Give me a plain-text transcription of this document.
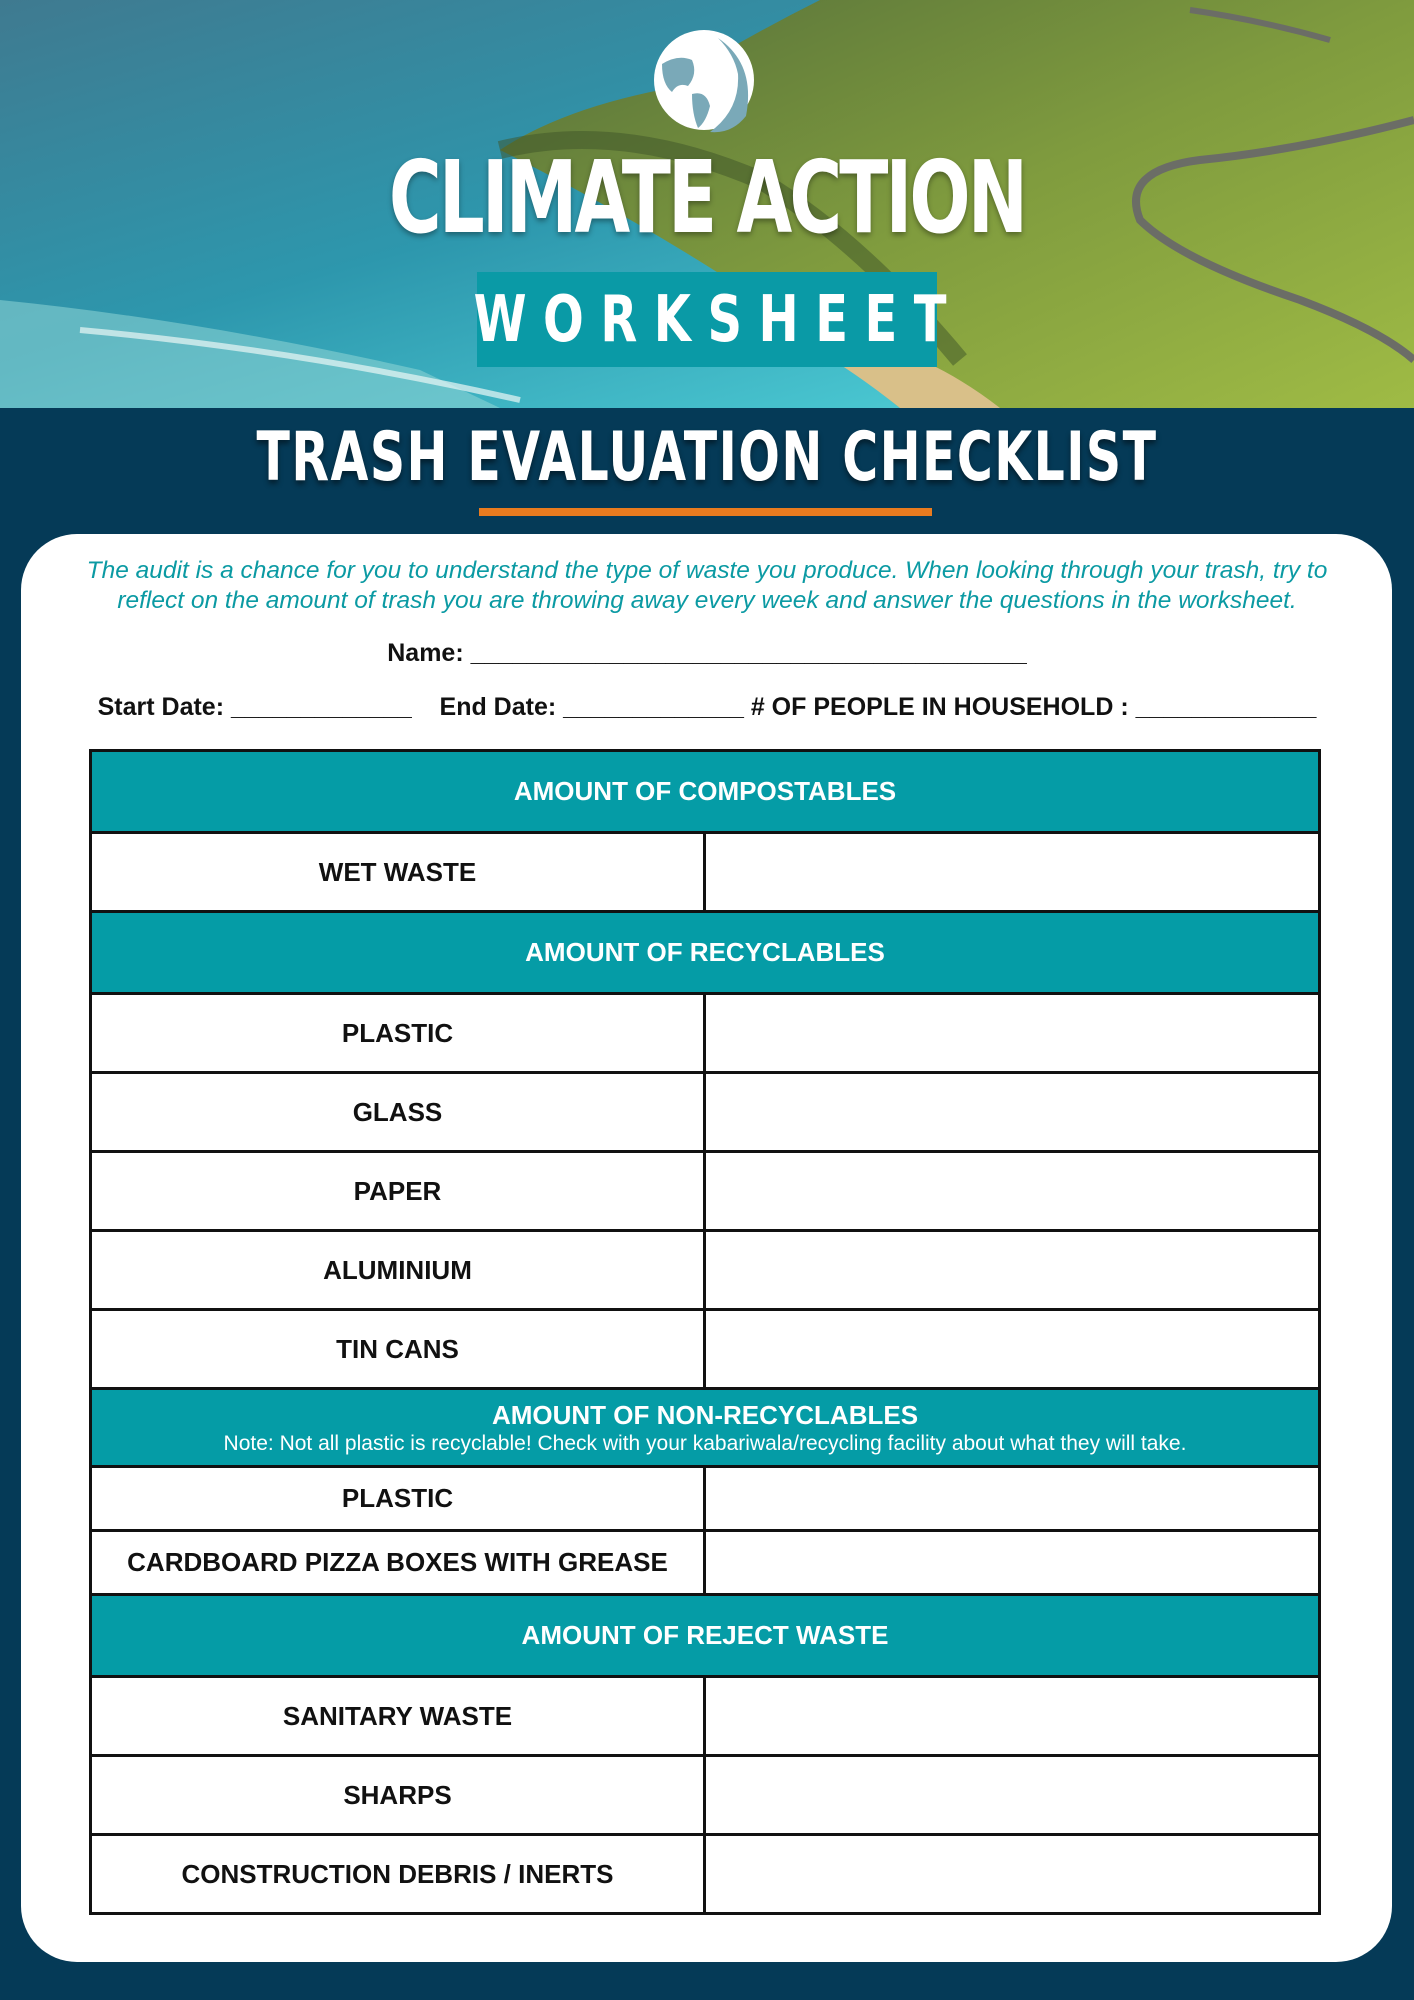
CLIMATE ACTION
WORKSHEET
TRASH EVALUATION CHECKLIST
The audit is a chance for you to understand the type of waste you produce. When looking through your trash, try to
reflect on the amount of trash you are throwing away every week and answer the questions in the worksheet.
Name: ________________________________________
Start Date: _____________    End Date: _____________ # OF PEOPLE IN HOUSEHOLD : _____________
AMOUNT OF COMPOSTABLES	
WET WASTE	
AMOUNT OF RECYCLABLES	
PLASTIC	
GLASS	
PAPER	
ALUMINIUM	
TIN CANS	

AMOUNT OF NON-RECYCLABLES
Note: Not all plastic is recyclable! Check with your kabariwala/recycling facility about what they will take.	

PLASTIC	
CARDBOARD PIZZA BOXES WITH GREASE	
AMOUNT OF REJECT WASTE	
SANITARY WASTE	
SHARPS	
CONSTRUCTION DEBRIS / INERTS	
